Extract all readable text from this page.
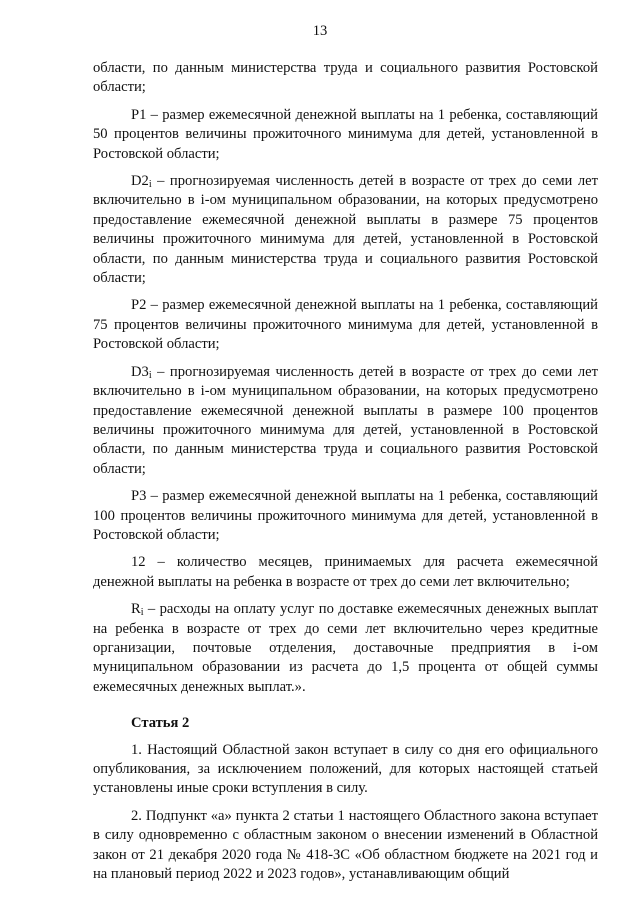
13

области, по данным министерства труда и социального развития Ростовской области;

P1 – размер ежемесячной денежной выплаты на 1 ребенка, составляющий 50 процентов величины прожиточного минимума для детей, установленной в Ростовской области;

$D2_i$ – прогнозируемая численность детей в возрасте от трех до семи лет включительно в i-ом муниципальном образовании, на которых предусмотрено предоставление ежемесячной денежной выплаты в размере 75 процентов величины прожиточного минимума для детей, установленной в Ростовской области, по данным министерства труда и социального развития Ростовской области;

P2 – размер ежемесячной денежной выплаты на 1 ребенка, составляющий 75 процентов величины прожиточного минимума для детей, установленной в Ростовской области;

$D3_i$ – прогнозируемая численность детей в возрасте от трех до семи лет включительно в i-ом муниципальном образовании, на которых предусмотрено предоставление ежемесячной денежной выплаты в размере 100 процентов величины прожиточного минимума для детей, установленной в Ростовской области, по данным министерства труда и социального развития Ростовской области;

P3 – размер ежемесячной денежной выплаты на 1 ребенка, составляющий 100 процентов величины прожиточного минимума для детей, установленной в Ростовской области;

12 – количество месяцев, принимаемых для расчета ежемесячной денежной выплаты на ребенка в возрасте от трех до семи лет включительно;

$R_i$ – расходы на оплату услуг по доставке ежемесячных денежных выплат на ребенка в возрасте от трех до семи лет включительно через кредитные организации, почтовые отделения, доставочные предприятия в i-ом муниципальном образовании из расчета до 1,5 процента от общей суммы ежемесячных денежных выплат.».

Статья 2

1. Настоящий Областной закон вступает в силу со дня его официального опубликования, за исключением положений, для которых настоящей статьей установлены иные сроки вступления в силу.

2. Подпункт «а» пункта 2 статьи 1 настоящего Областного закона вступает в силу одновременно с областным законом о внесении изменений в Областной закон от 21 декабря 2020 года № 418-ЗС «Об областном бюджете на 2021 год и на плановый период 2022 и 2023 годов», устанавливающим общий
